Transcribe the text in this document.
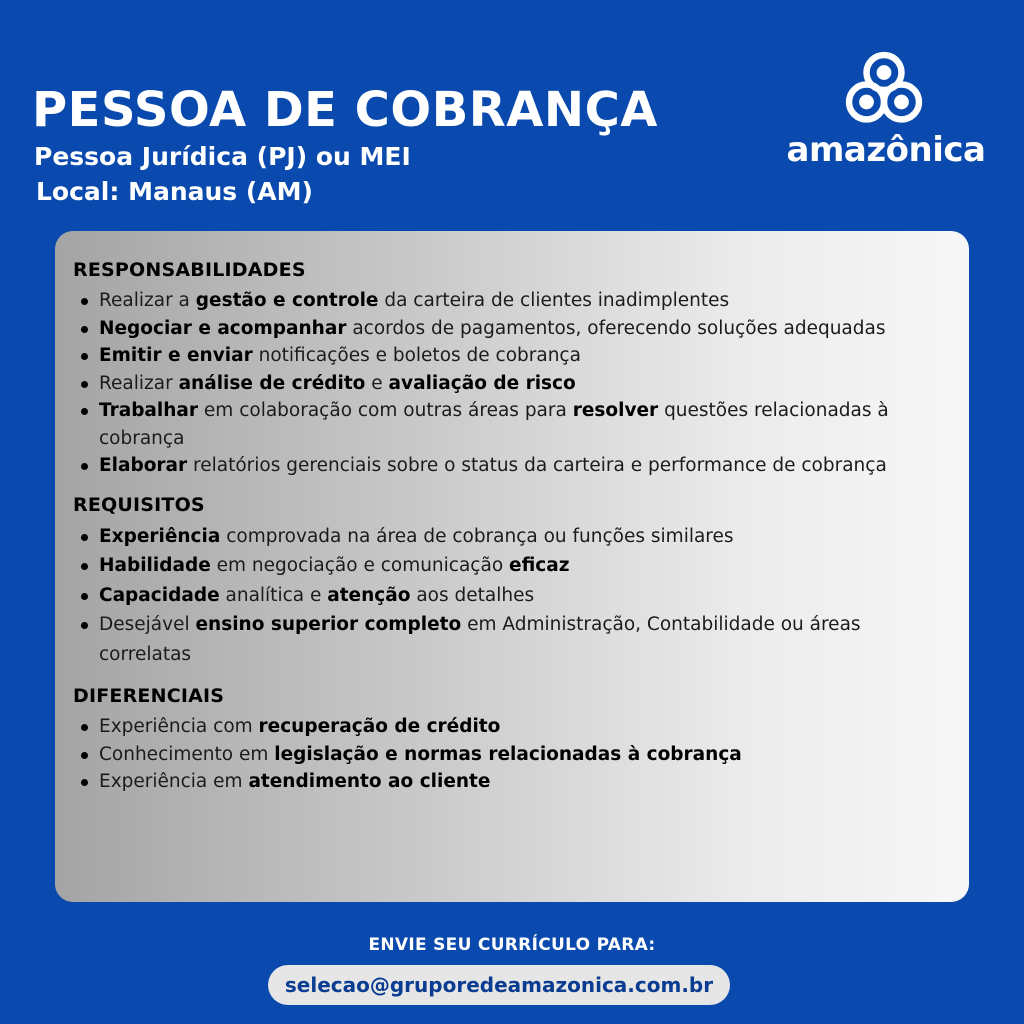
PESSOA DE COBRANÇA

Pessoa Jurídica (PJ) ou MEI

Local: Manaus (AM)

amazônica
RESPONSABILIDADES
Realizar a gestão e controle da carteira de clientes inadimplentes
Negociar e acompanhar acordos de pagamentos, oferecendo soluções adequadas
Emitir e enviar notificações e boletos de cobrança
Realizar análise de crédito e avaliação de risco
Trabalhar em colaboração com outras áreas para resolver questões relacionadas à cobrança
Elaborar relatórios gerenciais sobre o status da carteira e performance de cobrança
REQUISITOS
Experiência comprovada na área de cobrança ou funções similares
Habilidade em negociação e comunicação eficaz
Capacidade analítica e atenção aos detalhes
Desejável ensino superior completo em Administração, Contabilidade ou áreas correlatas
DIFERENCIAIS
Experiência com recuperação de crédito
Conhecimento em legislação e normas relacionadas à cobrança
Experiência em atendimento ao cliente

ENVIE SEU CURRÍCULO PARA:

selecao@gruporedeamazonica.com.br
